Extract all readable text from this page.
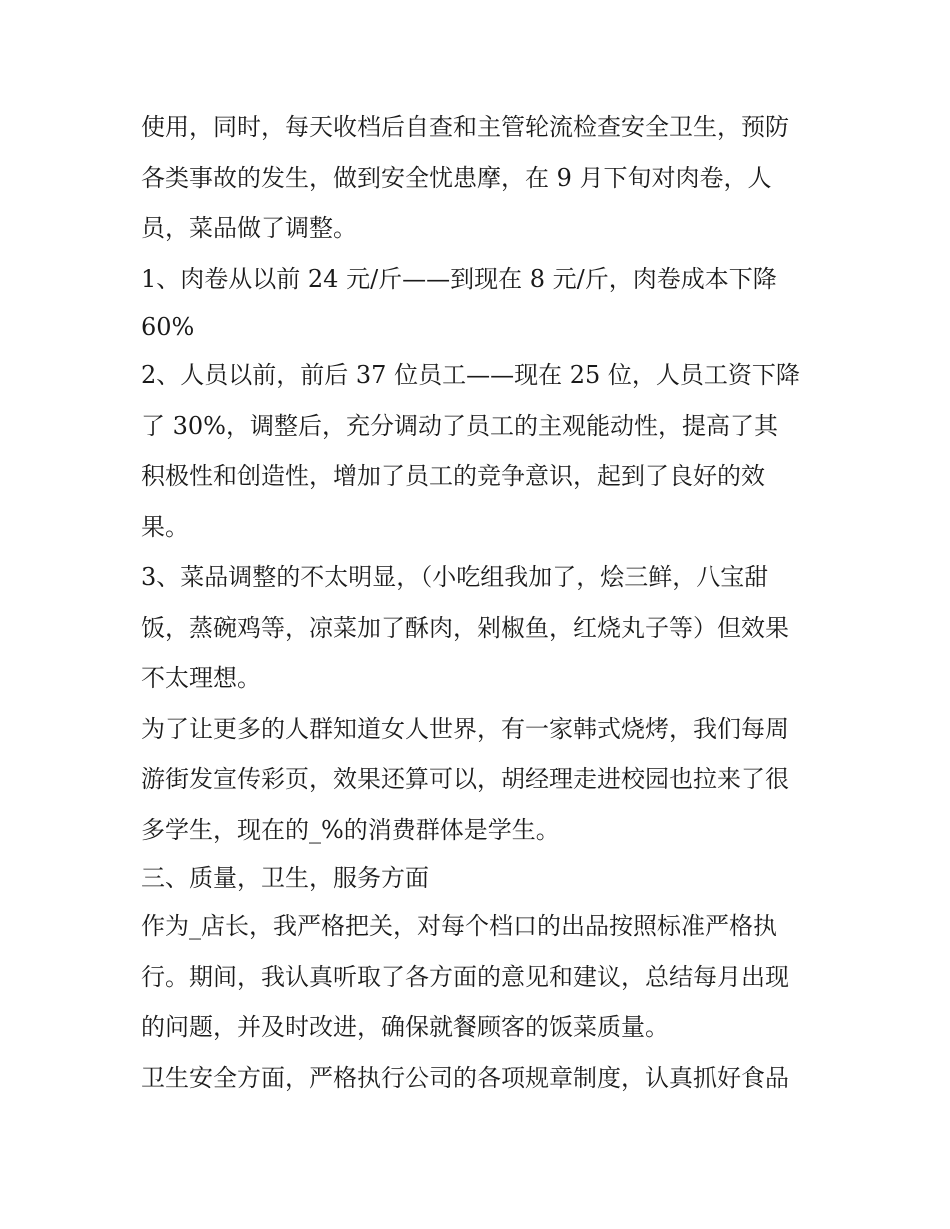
使用，同时，每天收档后自查和主管轮流检查安全卫生，预防
各类事故的发生，做到安全忧患摩，在 9 月下旬对肉卷，人
员，菜品做了调整。
1、肉卷从以前 24 元/斤——到现在 8 元/斤，肉卷成本下降
60%
2、人员以前，前后 37 位员工——现在 25 位，人员工资下降
了 30%，调整后，充分调动了员工的主观能动性，提高了其
积极性和创造性，增加了员工的竞争意识，起到了良好的效
果。
3、菜品调整的不太明显，（小吃组我加了，烩三鲜，八宝甜
饭，蒸碗鸡等，凉菜加了酥肉，剁椒鱼，红烧丸子等）但效果
不太理想。
为了让更多的人群知道女人世界，有一家韩式烧烤，我们每周
游街发宣传彩页，效果还算可以，胡经理走进校园也拉来了很
多学生，现在的_%的消费群体是学生。
三、质量，卫生，服务方面
作为_店长，我严格把关，对每个档口的出品按照标准严格执
行。期间，我认真听取了各方面的意见和建议，总结每月出现
的问题，并及时改进，确保就餐顾客的饭菜质量。
卫生安全方面，严格执行公司的各项规章制度，认真抓好食品
